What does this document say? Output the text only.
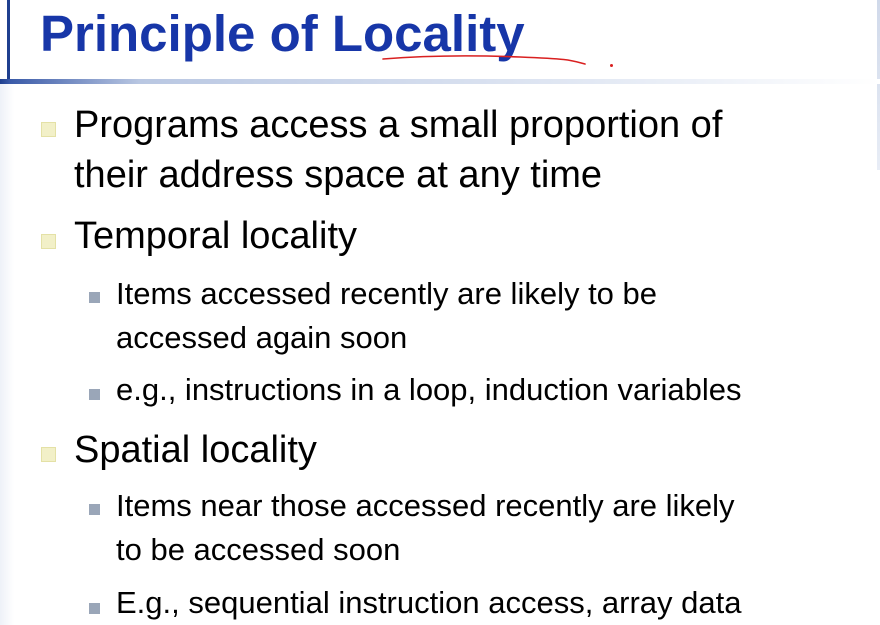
Principle of Locality
Programs access a small proportion of
their address space at any time
Temporal locality
Items accessed recently are likely to be
accessed again soon
e.g., instructions in a loop, induction variables
Spatial locality
Items near those accessed recently are likely
to be accessed soon
E.g., sequential instruction access, array data
